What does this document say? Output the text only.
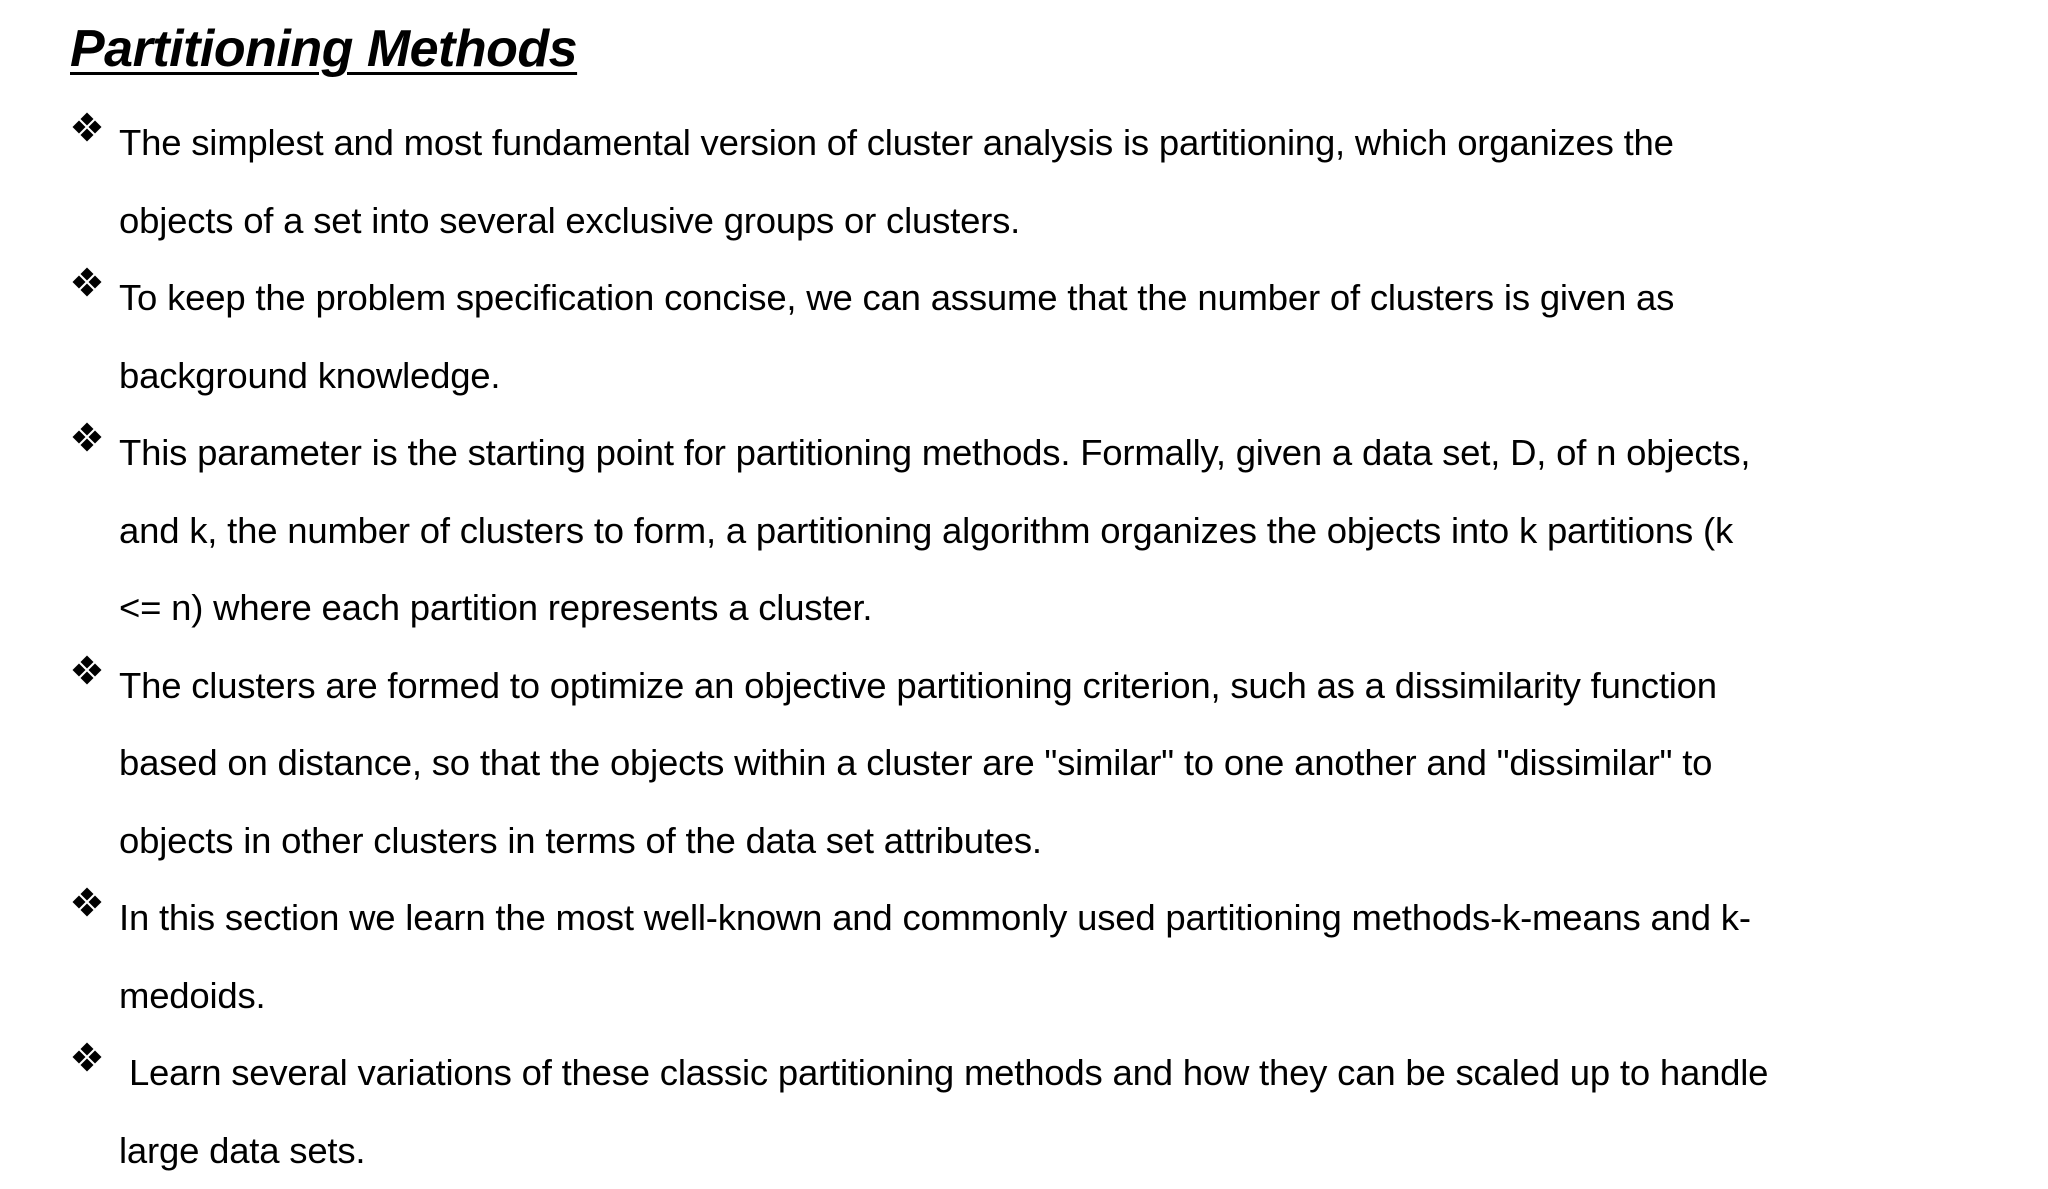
Partitioning Methods
The simplest and most fundamental version of cluster analysis is partitioning, which organizes the
objects of a set into several exclusive groups or clusters.
To keep the problem specification concise, we can assume that the number of clusters is given as
background knowledge.
This parameter is the starting point for partitioning methods. Formally, given a data set, D, of n objects,
and k, the number of clusters to form, a partitioning algorithm organizes the objects into k partitions (k
<= n) where each partition represents a cluster.
The clusters are formed to optimize an objective partitioning criterion, such as a dissimilarity function
based on distance, so that the objects within a cluster are "similar" to one another and "dissimilar" to
objects in other clusters in terms of the data set attributes.
In this section we learn the most well-known and commonly used partitioning methods-k-means and k-
medoids.
Learn several variations of these classic partitioning methods and how they can be scaled up to handle
large data sets.
